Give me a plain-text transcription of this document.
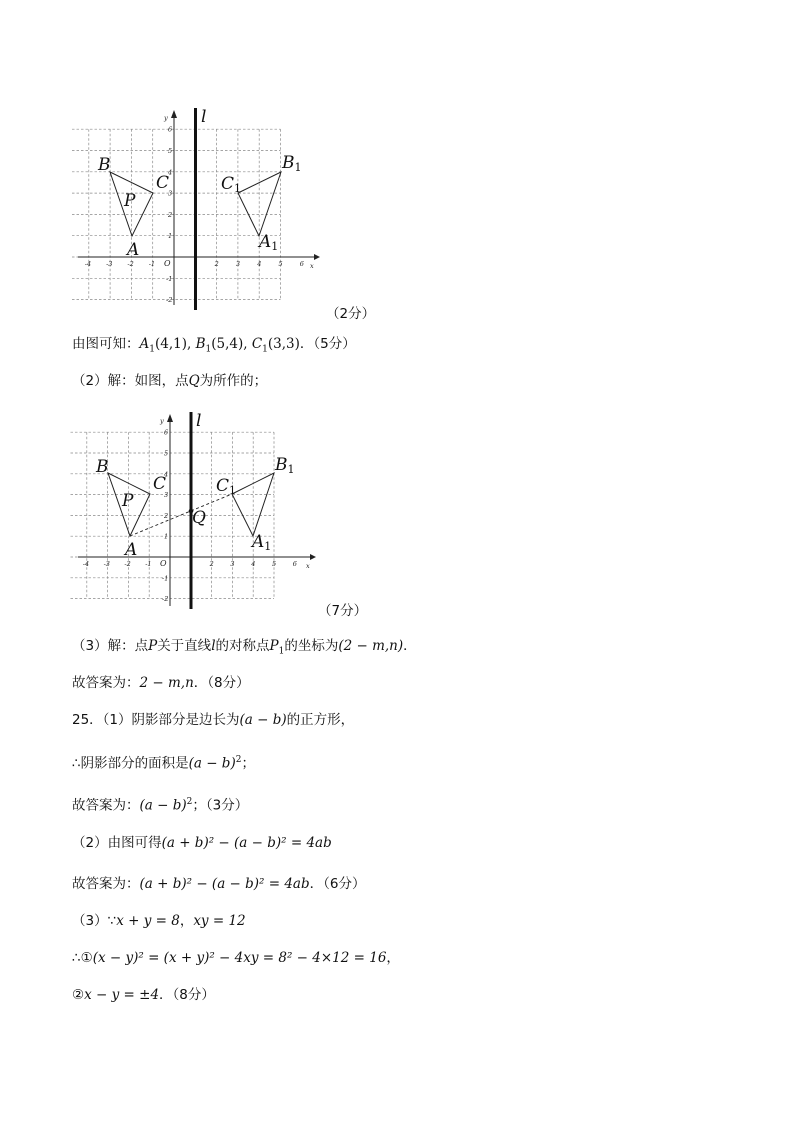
x
y
O
-4 -3 -2 -1	2	3	4	5	6
6
5
4
3
2
1
-1
-2
l
B
C
P
A
C1
B1
A1
（2分）
由图可知：$A_1(4,1)$, $B_1(5,4)$, $C_1(3,3)$．（5分）
（2）解：如图，点Q为所作的；
x
y
O
-4 -3 -2 -1	2	3	4	5	6
6
5
4
3
2
1
-1
-2
l
B
C
P
A
Q
C1
B1
A1
（7分）
（3）解：点P关于直线l的对称点$P_1$的坐标为(2 − m,n)．
故答案为：2 − m,n．（8分）
25．（1）阴影部分是边长为(a − b)的正方形，
∴阴影部分的面积是$(a - b)^2$；
故答案为：$(a - b)^2$；（3分）
（2）由图可得(a + b)² − (a − b)² = 4ab
故答案为：(a + b)² − (a − b)² = 4ab．（6分）
（3）∵x + y = 8，xy = 12
∴①(x − y)² = (x + y)² − 4xy = 8² − 4×12 = 16，
②x − y = ±4．（8分）
